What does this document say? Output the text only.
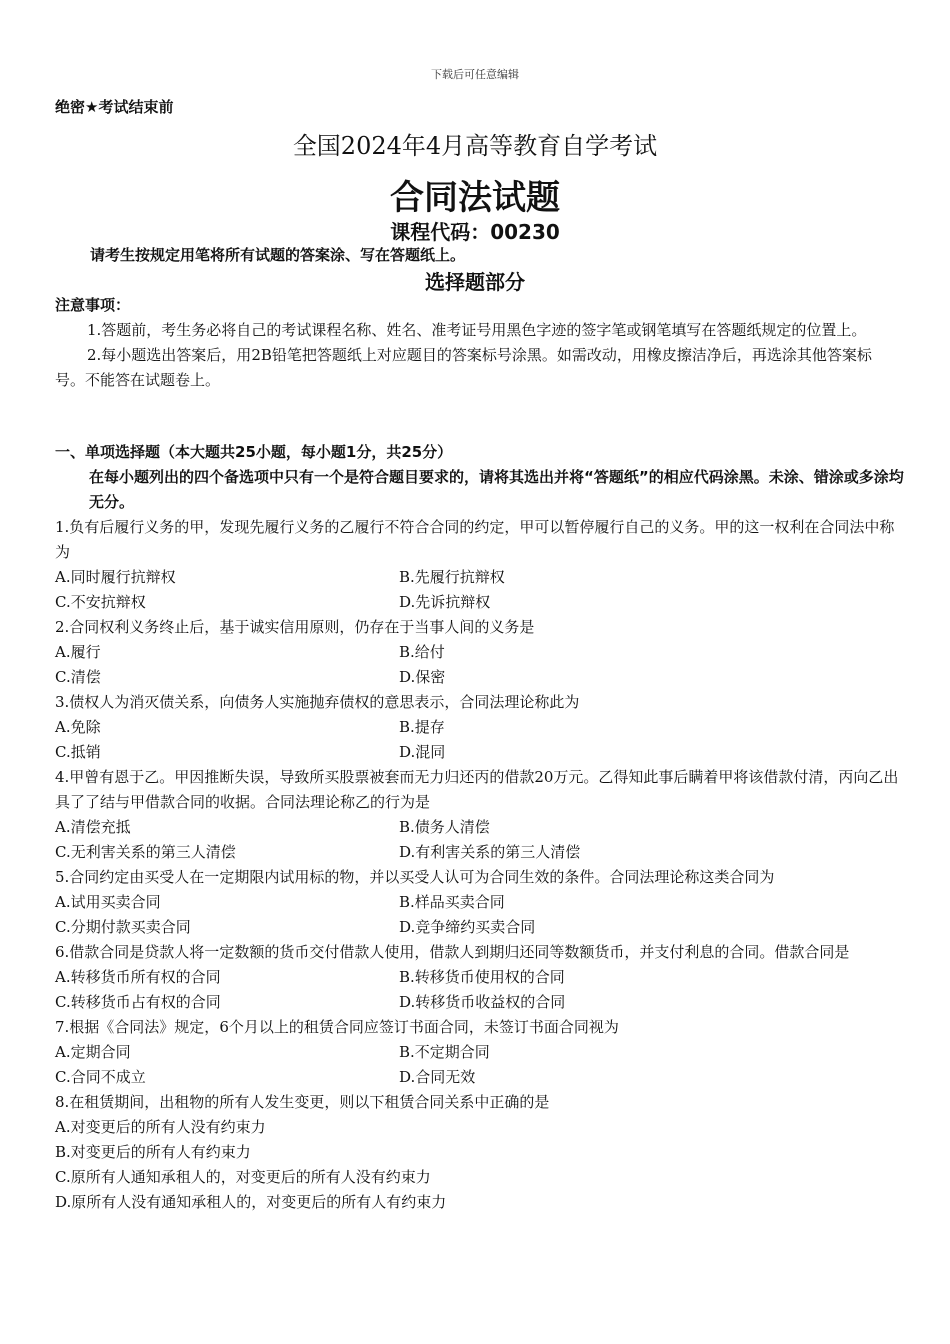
下载后可任意编辑
绝密★考试结束前
全国2024年4月高等教育自学考试
合同法试题
课程代码：00230
请考生按规定用笔将所有试题的答案涂、写在答题纸上。
选择题部分
注意事项：

1.答题前，考生务必将自己的考试课程名称、姓名、准考证号用黑色字迹的签字笔或钢笔填写在答题纸规定的位置上。

2.每小题选出答案后，用2B铅笔把答题纸上对应题目的答案标号涂黑。如需改动，用橡皮擦洁净后，再选涂其他答案标号。不能答在试题卷上。

一、单项选择题（本大题共25小题，每小题1分，共25分）

在每小题列出的四个备选项中只有一个是符合题目要求的，请将其选出并将“答题纸”的相应代码涂黑。未涂、错涂或多涂均无分。

1.负有后履行义务的甲，发现先履行义务的乙履行不符合合同的约定，甲可以暂停履行自己的义务。甲的这一权利在合同法中称为

A.同时履行抗辩权	B.先履行抗辩权
C.不安抗辩权	D.先诉抗辩权

2.合同权利义务终止后，基于诚实信用原则，仍存在于当事人间的义务是

A.履行	B.给付
C.清偿	D.保密

3.债权人为消灭债关系，向债务人实施抛弃债权的意思表示，合同法理论称此为

A.免除	B.提存
C.抵销	D.混同

4.甲曾有恩于乙。甲因推断失误，导致所买股票被套而无力归还丙的借款20万元。乙得知此事后瞒着甲将该借款付清，丙向乙出具了了结与甲借款合同的收据。合同法理论称乙的行为是

A.清偿充抵	B.债务人清偿
C.无利害关系的第三人清偿	D.有利害关系的第三人清偿

5.合同约定由买受人在一定期限内试用标的物，并以买受人认可为合同生效的条件。合同法理论称这类合同为

A.试用买卖合同	B.样品买卖合同
C.分期付款买卖合同	D.竞争缔约买卖合同

6.借款合同是贷款人将一定数额的货币交付借款人使用，借款人到期归还同等数额货币，并支付利息的合同。借款合同是

A.转移货币所有权的合同	B.转移货币使用权的合同
C.转移货币占有权的合同	D.转移货币收益权的合同

7.根据《合同法》规定，6个月以上的租赁合同应签订书面合同，未签订书面合同视为

A.定期合同	B.不定期合同
C.合同不成立	D.合同无效

8.在租赁期间，出租物的所有人发生变更，则以下租赁合同关系中正确的是

A.对变更后的所有人没有约束力

B.对变更后的所有人有约束力

C.原所有人通知承租人的，对变更后的所有人没有约束力

D.原所有人没有通知承租人的，对变更后的所有人有约束力
